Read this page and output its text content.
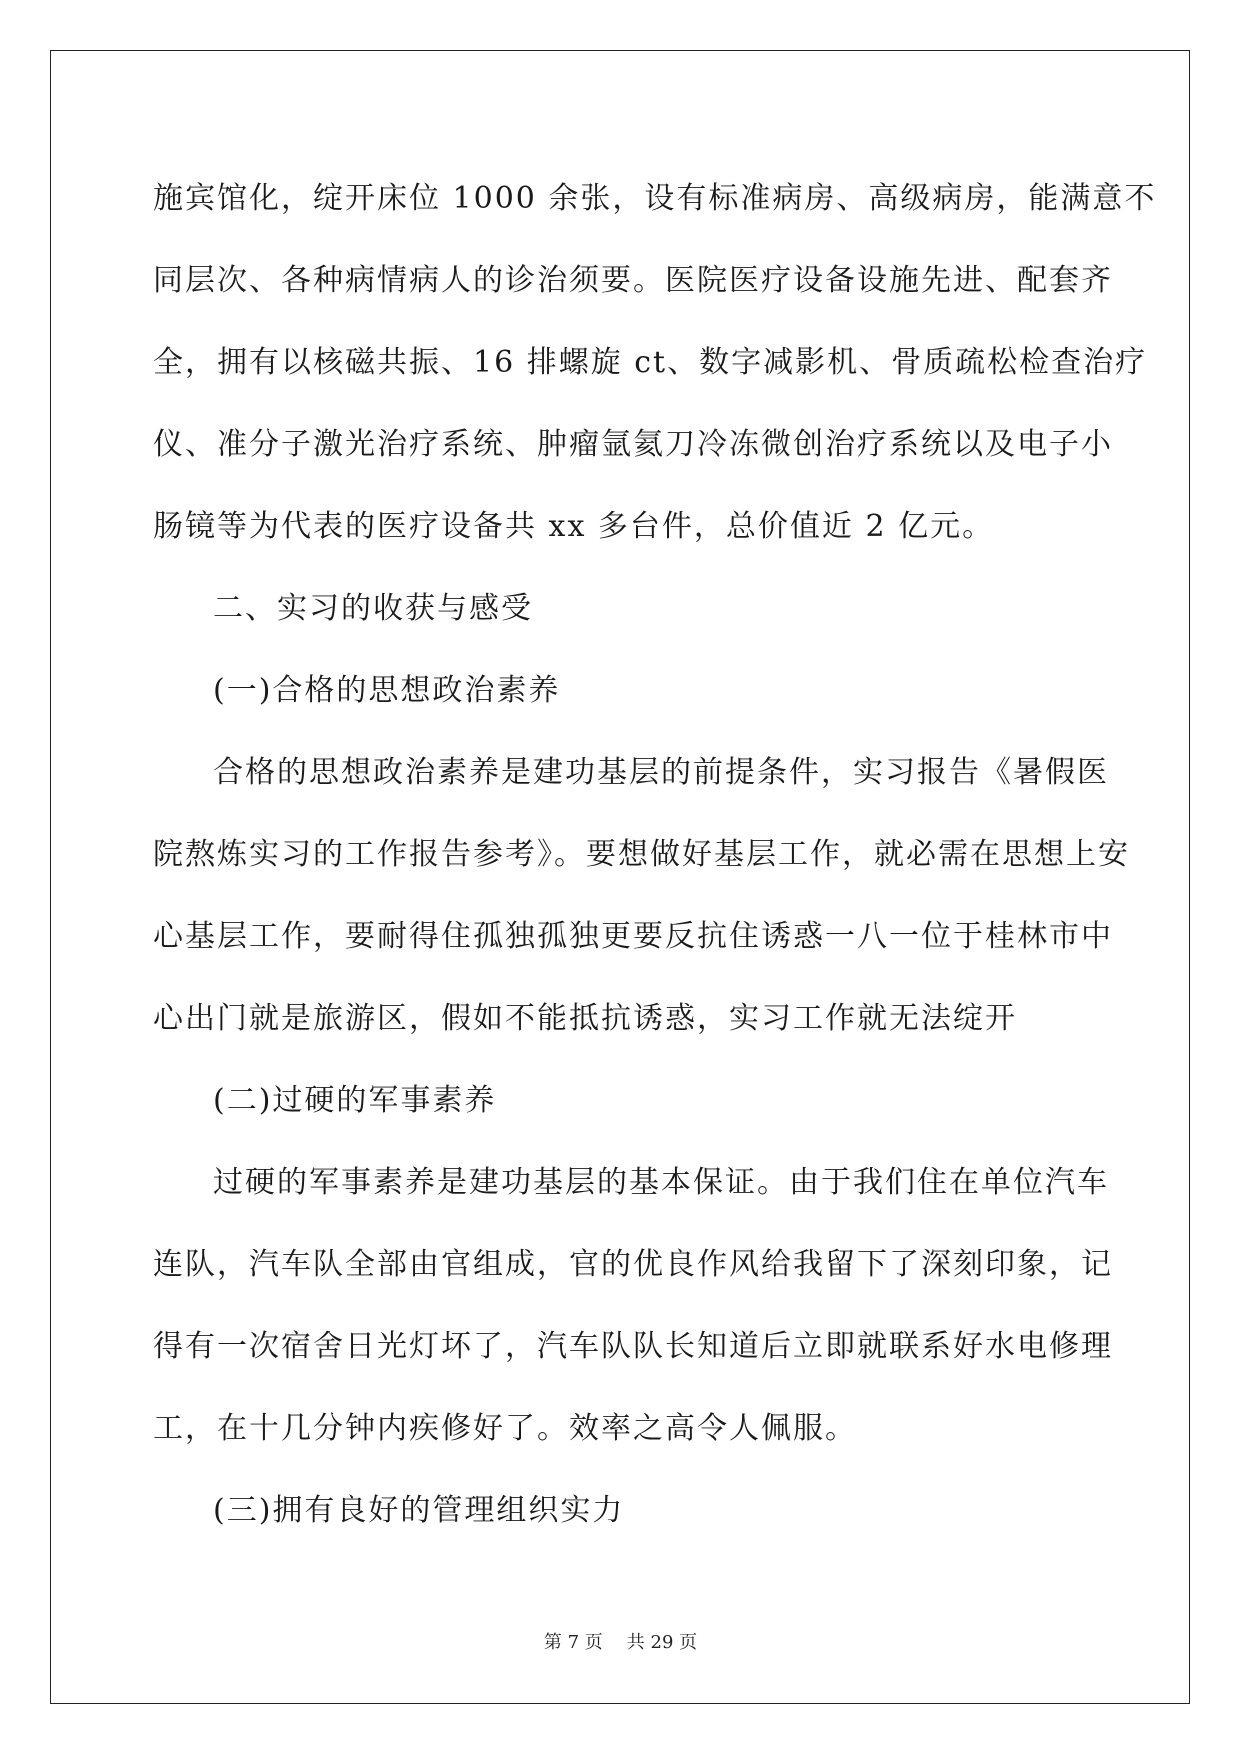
施宾馆化，绽开床位 1000 余张，设有标准病房、高级病房，能满意不
同层次、各种病情病人的诊治须要。医院医疗设备设施先进、配套齐
全，拥有以核磁共振、16 排螺旋 ct、数字减影机、骨质疏松检查治疗
仪、准分子激光治疗系统、肿瘤氩氦刀冷冻微创治疗系统以及电子小
肠镜等为代表的医疗设备共 xx 多台件，总价值近 2 亿元。
二、实习的收获与感受
(一)合格的思想政治素养
合格的思想政治素养是建功基层的前提条件，实习报告《暑假医
院熬炼实习的工作报告参考》。要想做好基层工作，就必需在思想上安
心基层工作，要耐得住孤独孤独更要反抗住诱惑一八一位于桂林市中
心出门就是旅游区，假如不能抵抗诱惑，实习工作就无法绽开
(二)过硬的军事素养
过硬的军事素养是建功基层的基本保证。由于我们住在单位汽车
连队，汽车队全部由官组成，官的优良作风给我留下了深刻印象，记
得有一次宿舍日光灯坏了，汽车队队长知道后立即就联系好水电修理
工，在十几分钟内疾修好了。效率之高令人佩服。
(三)拥有良好的管理组织实力
第 7 页 共 29 页
